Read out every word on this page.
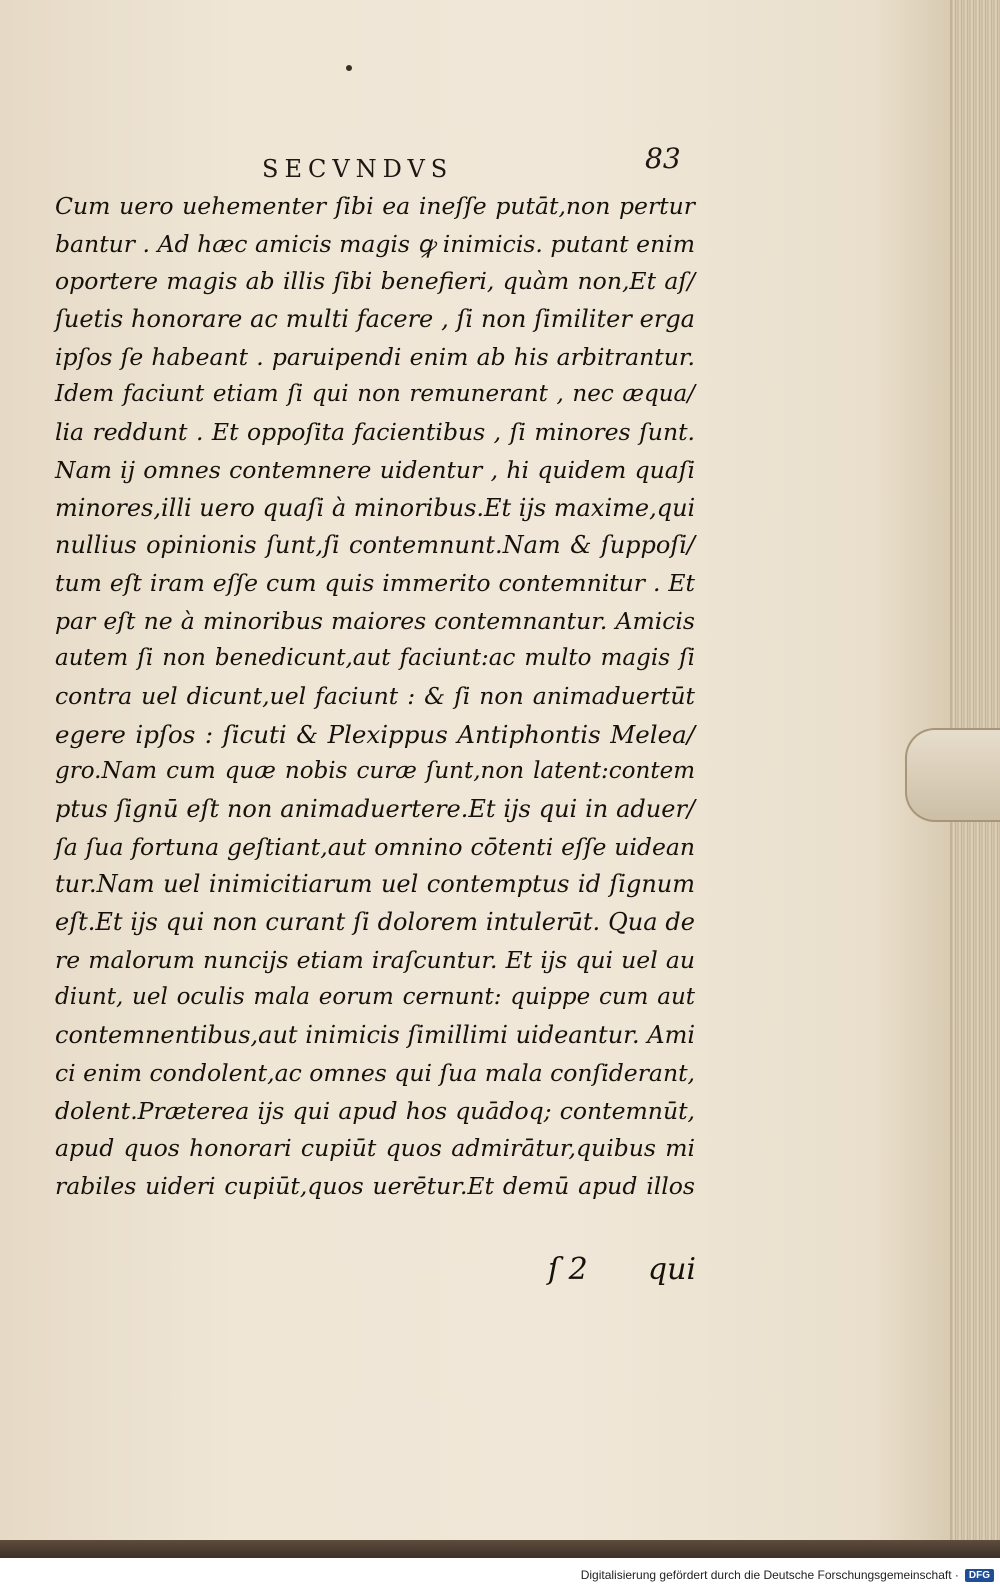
SECVNDVS	83
Cum uero uehementer ſibi ea ineſſe putāt,non pertur
bantur . Ad hæc amicis magis ꝙ inimicis. putant enim
oportere magis ab illis ſibi benefieri, quàm non,Et aſ/
ſuetis honorare ac multi facere , ſi non ſimiliter erga
ipſos ſe habeant . paruipendi enim ab his arbitrantur.
Idem faciunt etiam ſi qui non remunerant , nec æqua/
lia reddunt . Et oppoſita facientibus , ſi minores ſunt.
Nam ij omnes contemnere uidentur , hi quidem quaſi
minores,illi uero quaſi à minoribus.Et ijs maxime,qui
nullius opinionis ſunt,ſi contemnunt.Nam & ſuppoſi/
tum eſt iram eſſe cum quis immerito contemnitur . Et
par eſt ne à minoribus maiores contemnantur. Amicis
autem ſi non benedicunt,aut faciunt:ac multo magis ſi
contra uel dicunt,uel faciunt : & ſi non animaduertūt
egere ipſos : ſicuti & Plexippus Antiphontis Melea/
gro.Nam cum quæ nobis curæ ſunt,non latent:contem
ptus ſignū eſt non animaduertere.Et ijs qui in aduer/
ſa ſua fortuna geſtiant,aut omnino cōtenti eſſe uidean
tur.Nam uel inimicitiarum uel contemptus id ſignum
eſt.Et ijs qui non curant ſi dolorem intulerūt. Qua de
re malorum nuncijs etiam iraſcuntur. Et ijs qui uel au
diunt, uel oculis mala eorum cernunt: quippe cum aut
contemnentibus,aut inimicis ſimillimi uideantur. Ami
ci enim condolent,ac omnes qui ſua mala conſiderant,
dolent.Præterea ijs qui apud hos quādoq; contemnūt,
apud quos honorari cupiūt quos admirātur,quibus mi
rabiles uideri cupiūt,quos uerētur.Et demū apud illos
ſ 2 qui
Digitalisierung gefördert durch die Deutsche Forschungsgemeinschaft ·	DFG
